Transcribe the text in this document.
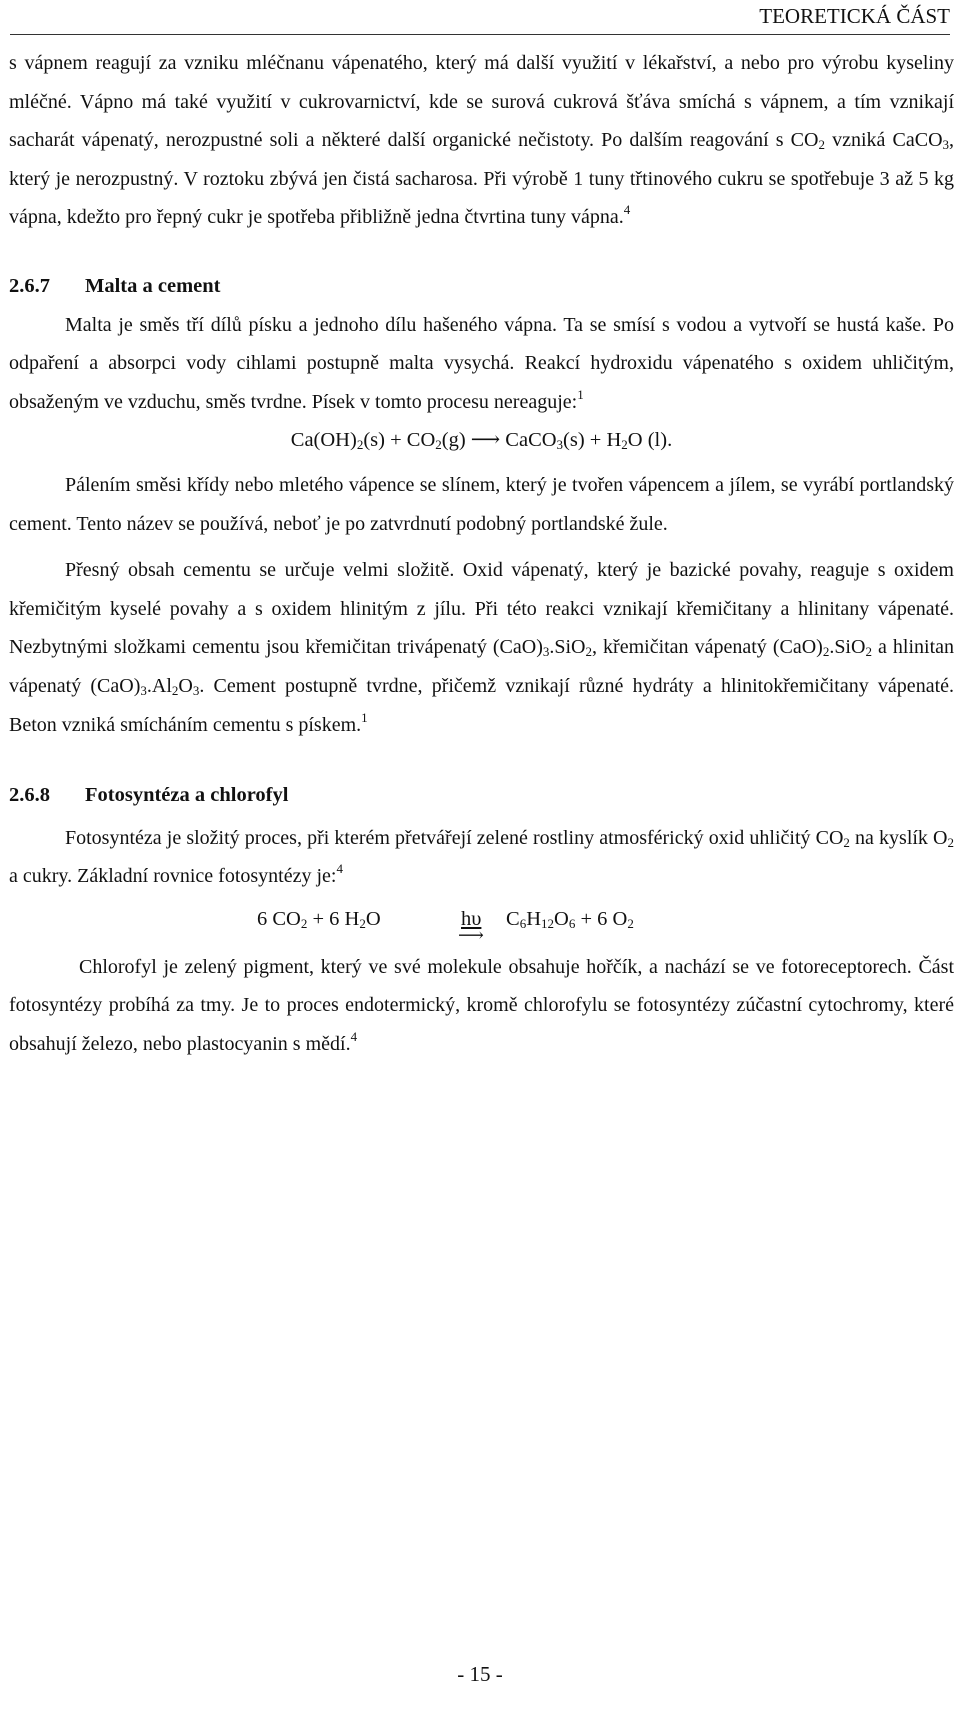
TEORETICKÁ ČÁST

s vápnem reagují za vzniku mléčnanu vápenatého, který má další využití v lékařství, a nebo pro výrobu kyseliny mléčné. Vápno má také využití v cukrovarnictví, kde se surová cukrová šťáva smíchá s vápnem, a tím vznikají sacharát vápenatý, nerozpustné soli a některé další organické nečistoty. Po dalším reagování s $CO_2$ vzniká CaCO$_3$, který je nerozpustný. V roztoku zbývá jen čistá sacharosa. Při výrobě 1 tuny třtinového cukru se spotřebuje 3 až 5 kg vápna, kdežto pro řepný cukr je spotřeba přibližně jedna čtvrtina tuny vápna.$^4$

2.6.7 Malta a cement

Malta je směs tří dílů písku a jednoho dílu hašeného vápna. Ta se smísí s vodou a vytvoří se hustá kaše. Po odpaření a absorpci vody cihlami postupně malta vysychá. Reakcí hydroxidu vápenatého s oxidem uhličitým, obsaženým ve vzduchu, směs tvrdne. Písek v tomto procesu nereaguje:$^1$

$Ca(OH)_2(s) + CO_2(g)$ ⟶ CaCO$_3$(s) + $H_2O$ (l).

Pálením směsi křídy nebo mletého vápence se slínem, který je tvořen vápencem a jílem, se vyrábí portlandský cement. Tento název se používá, neboť je po zatvrdnutí podobný portlandské žule.

Přesný obsah cementu se určuje velmi složitě. Oxid vápenatý, který je bazické povahy, reaguje s oxidem křemičitým kyselé povahy a s oxidem hlinitým z jílu. Při této reakci vznikají křemičitany a hlinitany vápenaté. Nezbytnými složkami cementu jsou křemičitan trivápenatý $(CaO)_3.SiO_2$, křemičitan vápenatý $(CaO)_2.SiO_2$ a hlinitan vápenatý $(CaO)_3.Al_2O_3$. Cement postupně tvrdne, přičemž vznikají různé hydráty a hlinitokřemičitany vápenaté. Beton vzniká smícháním cementu s pískem.$^1$

2.6.8 Fotosyntéza a chlorofyl

Fotosyntéza je složitý proces, při kterém přetvářejí zelené rostliny atmosférický oxid uhličitý $CO_2$ na kyslík $O_2$ a cukry. Základní rovnice fotosyntézy je:$^4$

6 $CO_2 + 6$ $H_2O$	hυ
⟶
$C_6H_{12}O_6 + 6$ $O_2$

Chlorofyl je zelený pigment, který ve své molekule obsahuje hořčík, a nachází se ve fotoreceptorech. Část fotosyntézy probíhá za tmy. Je to proces endotermický, kromě chlorofylu se fotosyntézy zúčastní cytochromy, které obsahují železo, nebo plastocyanin s mědí.$^4$

- 15 -
